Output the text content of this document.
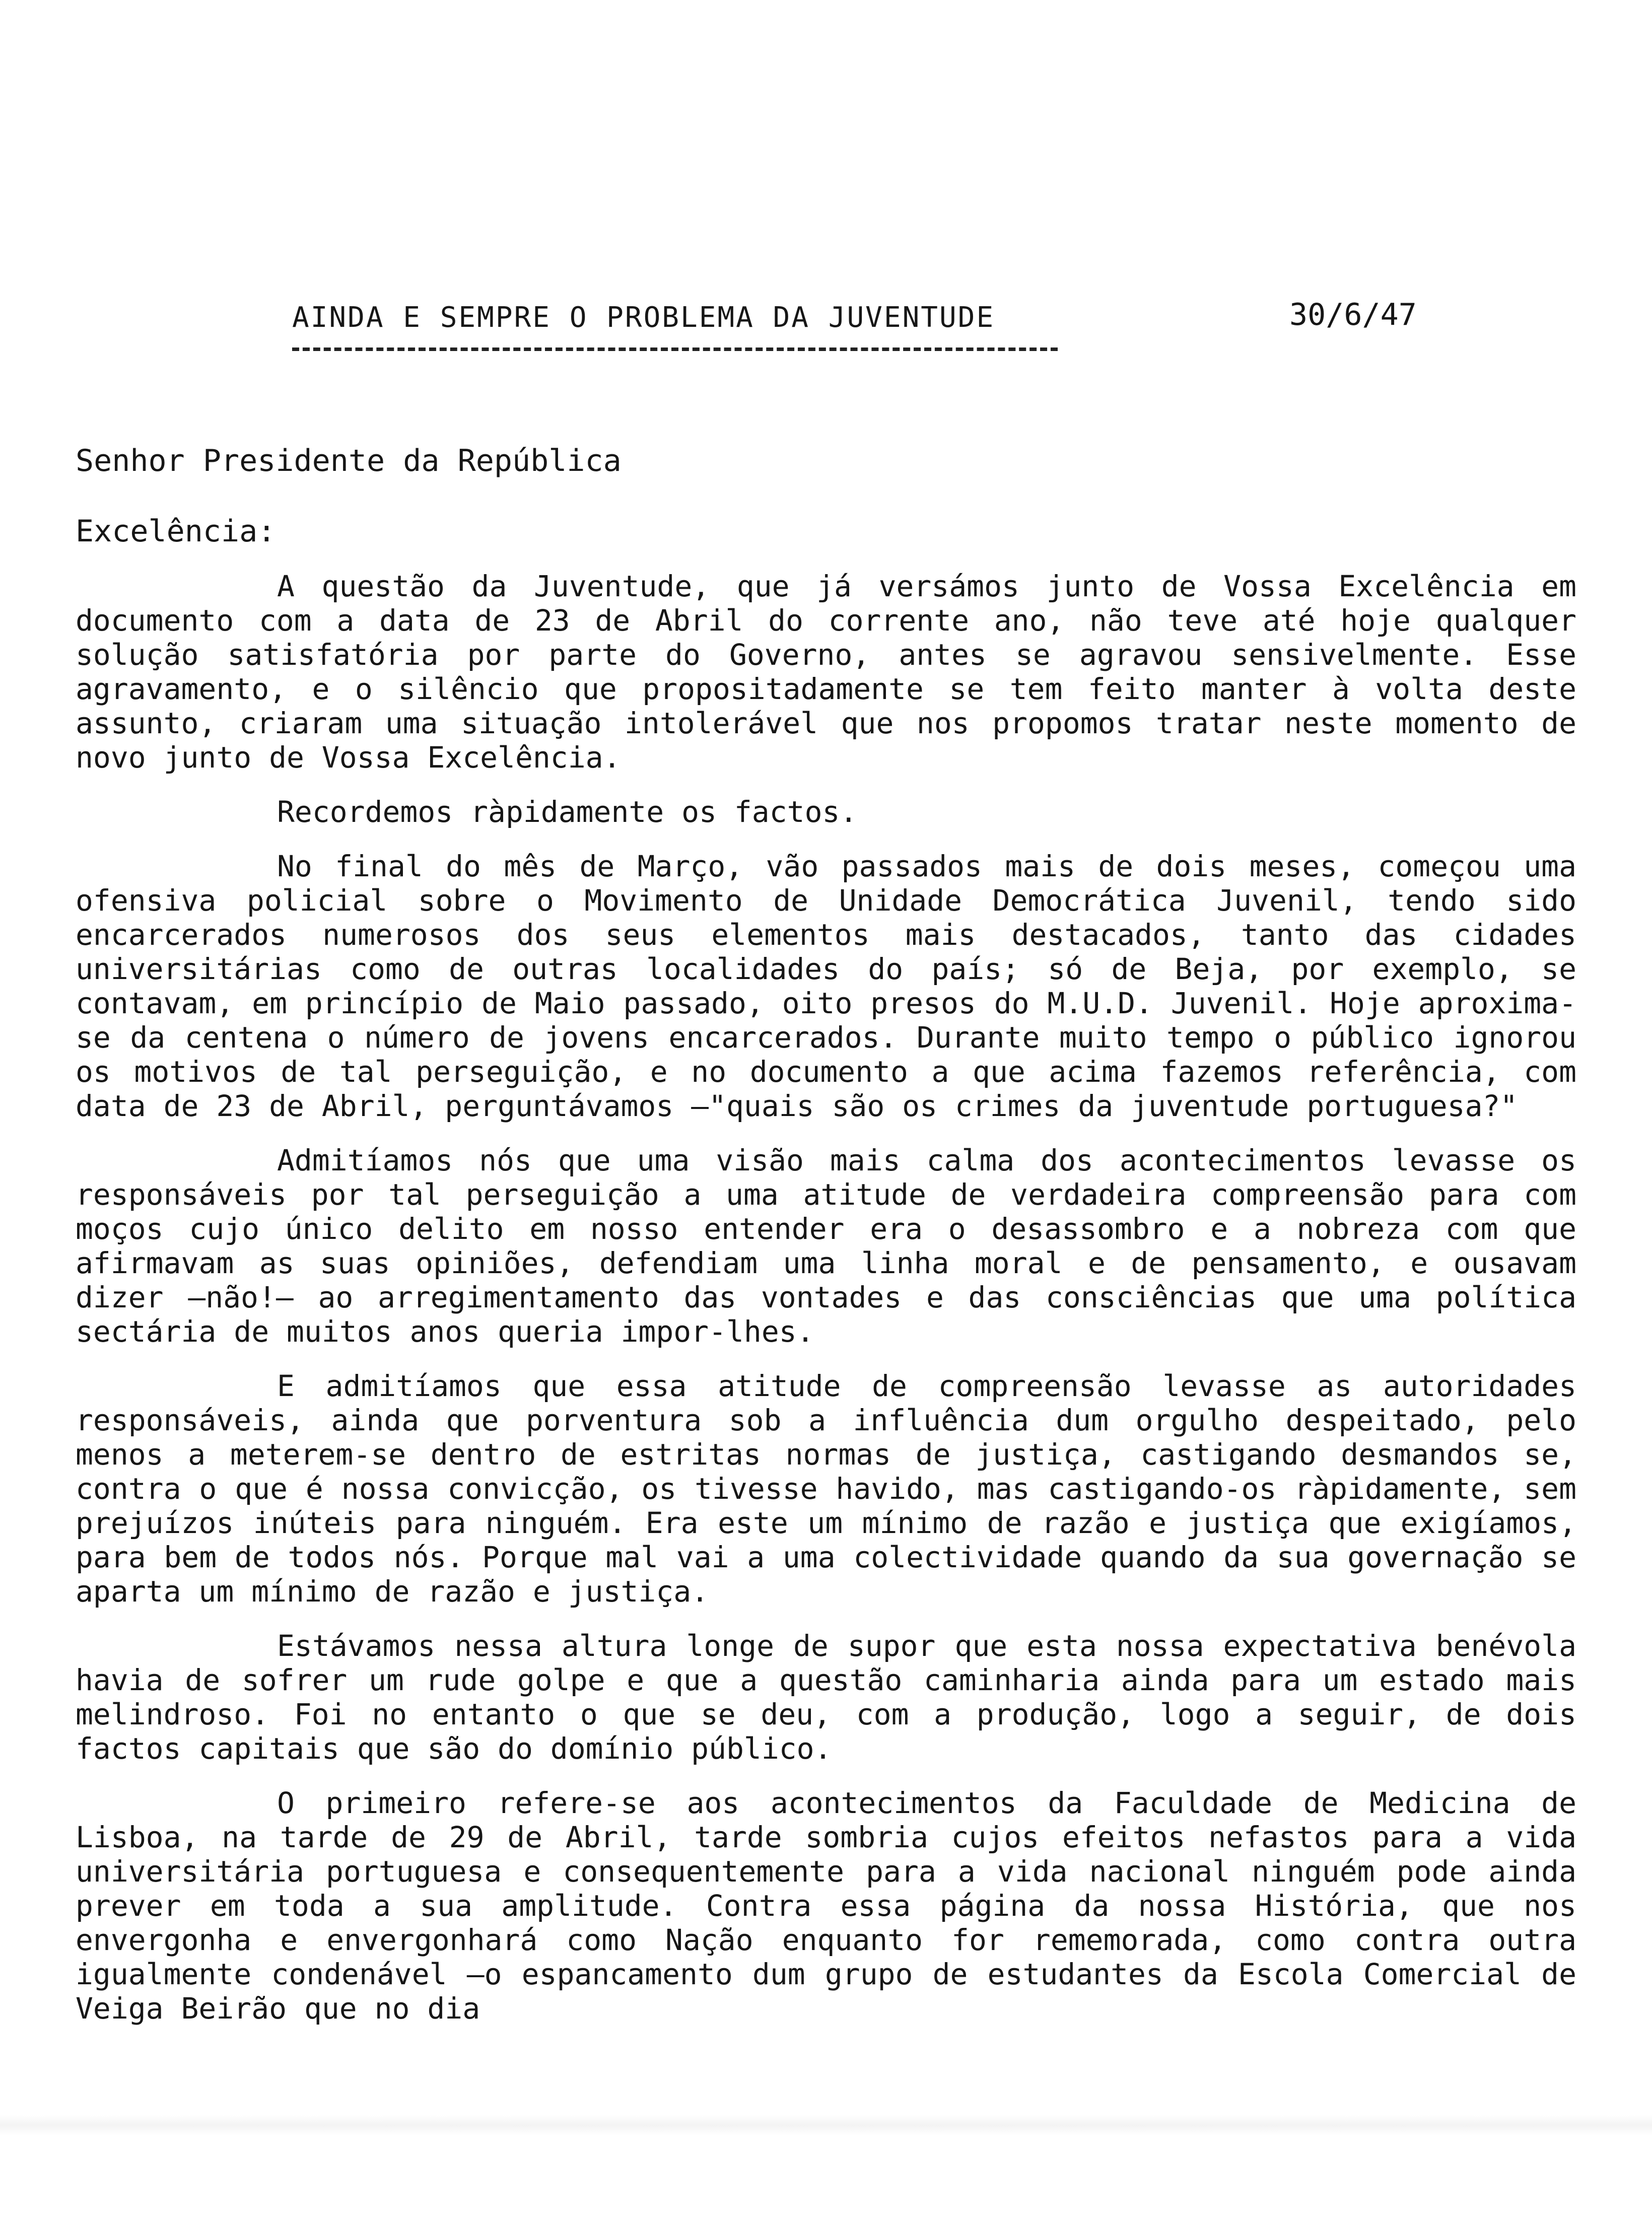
AINDA E SEMPRE O PROBLEMA DA JUVENTUDE	30/6/47
Senhor Presidente da República
Excelência:

A questão da Juventude, que já versámos junto de Vossa Excelência em documento com a data de 23 de Abril do corrente ano, não teve até hoje qualquer solução satisfatória por parte do Governo, antes se agravou sensivelmente. Esse agravamento, e o silêncio que propositadamente se tem feito manter à volta deste assunto, criaram uma situação intolerável que nos propomos tratar neste momento de novo junto de Vossa Excelência.

Recordemos ràpidamente os factos.

No final do mês de Março, vão passados mais de dois meses, começou uma ofensiva policial sobre o Movimento de Unidade Democrática Juvenil, tendo sido encarcerados numerosos dos seus elementos mais destacados, tanto das cidades universitárias como de outras localidades do país; só de Beja, por exemplo, se contavam, em princípio de Maio passado, oito presos do M.U.D. Juvenil. Hoje aproxima-se da centena o número de jovens encarcerados. Durante muito tempo o público ignorou os motivos de tal perseguição, e no documento a que acima fazemos referência, com data de 23 de Abril, perguntávamos —"quais são os crimes da juventude portuguesa?"

Admitíamos nós que uma visão mais calma dos acontecimentos levasse os responsáveis por tal perseguição a uma atitude de verdadeira compreensão para com moços cujo único delito em nosso entender era o desassombro e a nobreza com que afirmavam as suas opiniões, defendiam uma linha moral e de pensamento, e ousavam dizer —não!— ao arregimentamento das vontades e das consciências que uma política sectária de muitos anos queria impor-lhes.

E admitíamos que essa atitude de compreensão levasse as autoridades responsáveis, ainda que porventura sob a influência dum orgulho despeitado, pelo menos a meterem-se dentro de estritas normas de justiça, castigando desmandos se, contra o que é nossa convicção, os tivesse havido, mas castigando-os ràpidamente, sem prejuízos inúteis para ninguém. Era este um mínimo de razão e justiça que exigíamos, para bem de todos nós. Porque mal vai a uma colectividade quando da sua governação se aparta um mínimo de razão e justiça.

Estávamos nessa altura longe de supor que esta nossa expectativa benévola havia de sofrer um rude golpe e que a questão caminharia ainda para um estado mais melindroso. Foi no entanto o que se deu, com a produção, logo a seguir, de dois factos capitais que são do domínio público.

O primeiro refere-se aos acontecimentos da Faculdade de Medicina de Lisboa, na tarde de 29 de Abril, tarde sombria cujos efeitos nefastos para a vida universitária portuguesa e consequentemente para a vida nacional ninguém pode ainda prever em toda a sua amplitude. Contra essa página da nossa História, que nos envergonha e envergonhará como Nação enquanto for rememorada, como contra outra igualmente condenável —o espancamento dum grupo de estudantes da Escola Comercial de Veiga Beirão que no dia
